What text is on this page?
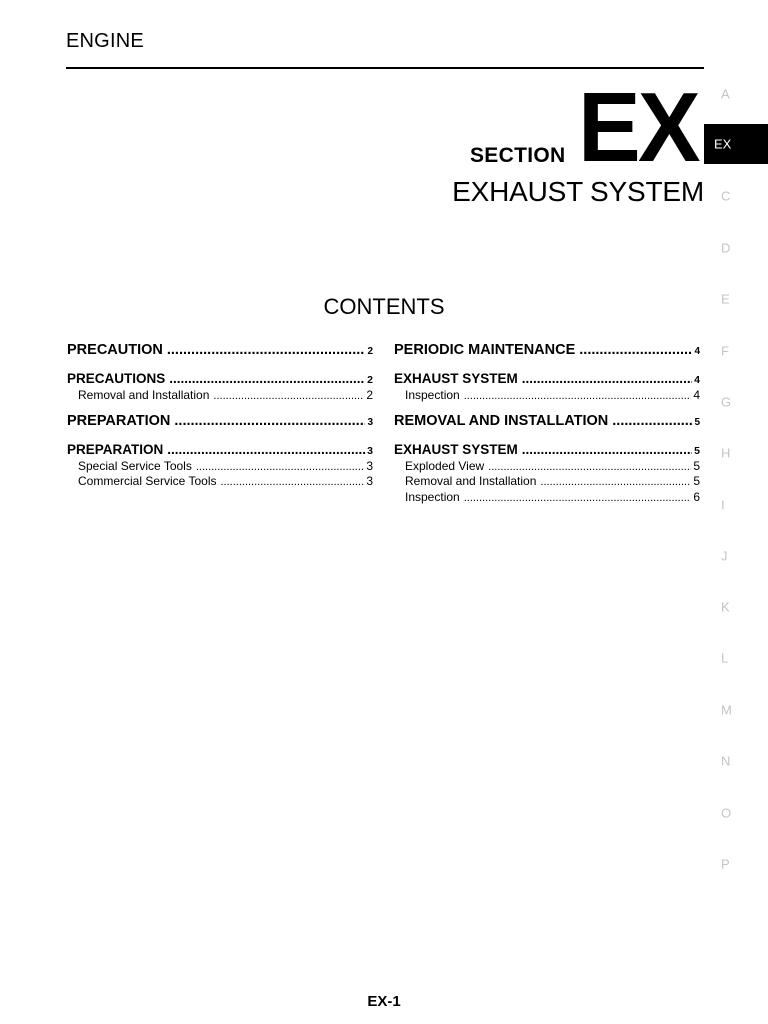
ENGINE
SECTION EX
EXHAUST SYSTEM
A
EX
C
D
E
F
G
H
I
J
K
L
M
N
O
P
CONTENTS
PRECAUTION .....	2
PRECAUTIONS .....	2
Removal and Installation .....	2
PREPARATION .....	3
PREPARATION .....	3
Special Service Tools .....	3
Commercial Service Tools .....	3
PERIODIC MAINTENANCE .....	4
EXHAUST SYSTEM .....	4
Inspection .....	4
REMOVAL AND INSTALLATION .....	5
EXHAUST SYSTEM .....	5
Exploded View .....	5
Removal and Installation .....	5
Inspection .....	6
EX-1
